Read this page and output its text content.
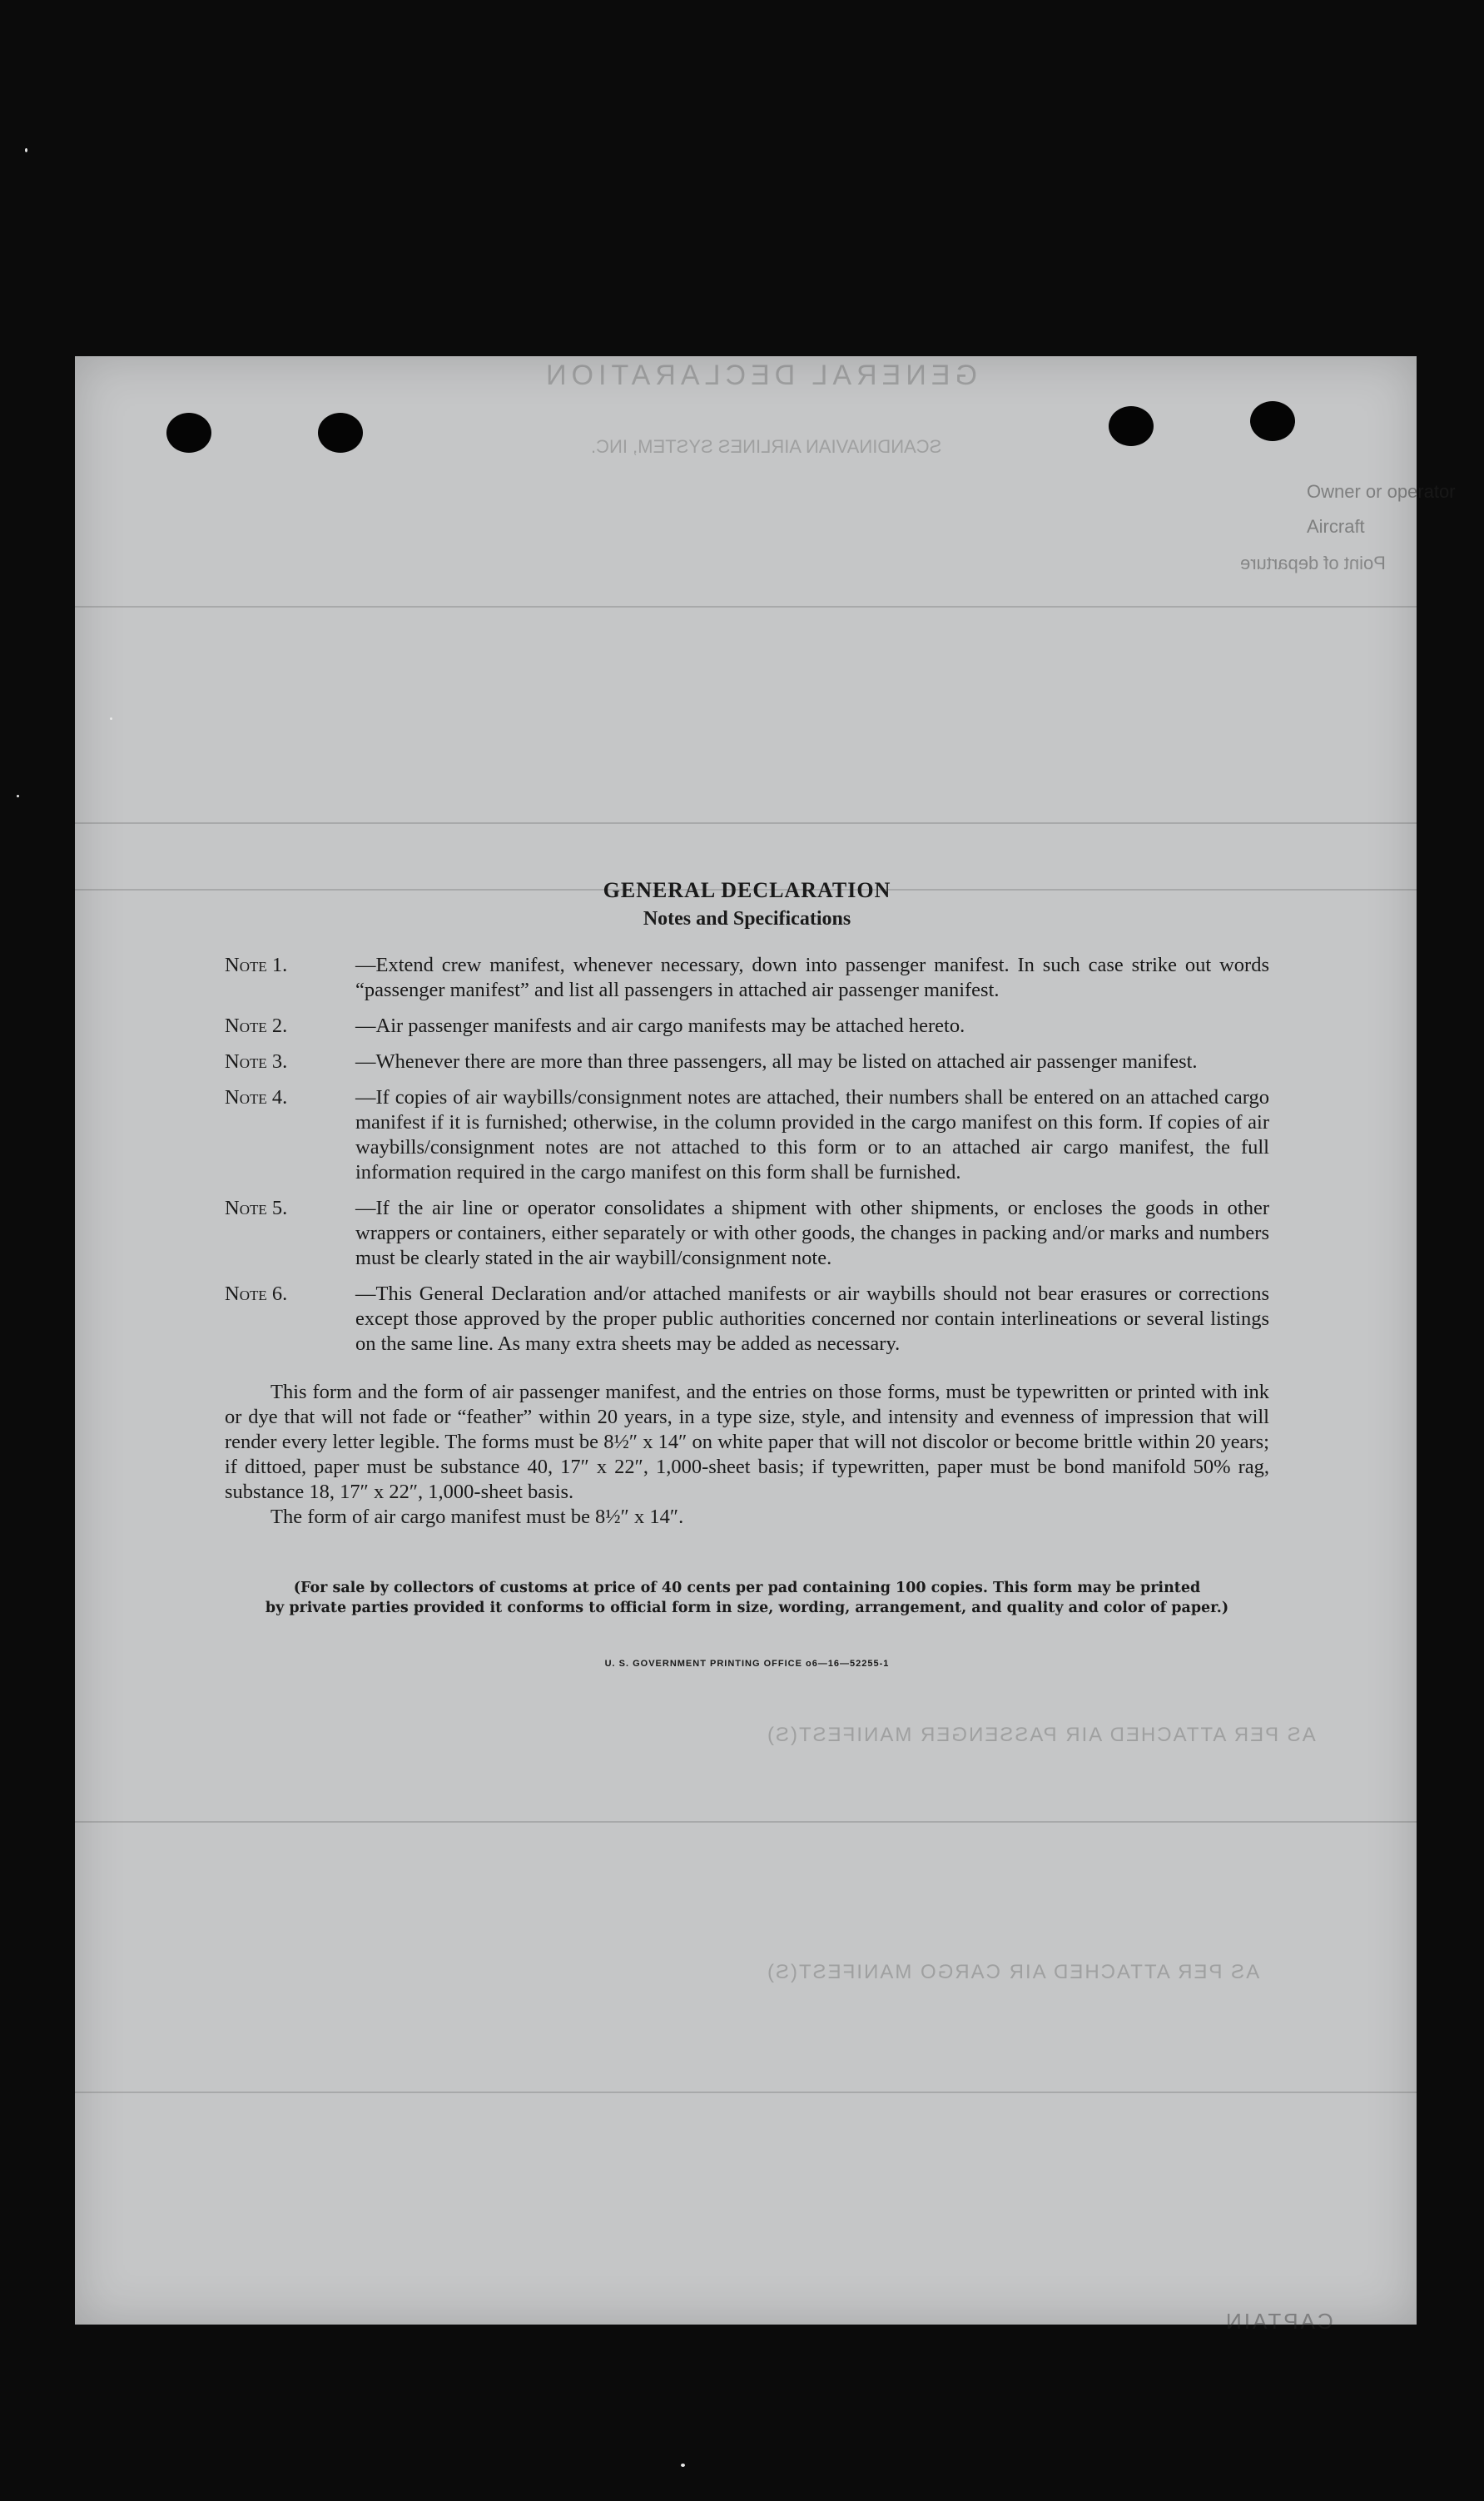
GENERAL DECLARATION
SCANDINAVIAN AIRLINES SYSTEM, INC.
Owner or operator
Aircraft
Point of departure
AS PER ATTACHED AIR PASSENGER MANIFEST(S)
AS PER ATTACHED AIR CARGO MANIFEST(S)
CAPTAIN
GENERAL DECLARATION
Notes and Specifications
Note 1.	—Extend crew manifest, whenever necessary, down into passenger manifest. In such case strike out words “passenger manifest” and list all passengers in attached air passenger manifest.
Note 2.	—Air passenger manifests and air cargo manifests may be attached hereto.
Note 3.	—Whenever there are more than three passengers, all may be listed on attached air passenger manifest.
Note 4.	—If copies of air waybills/consignment notes are attached, their numbers shall be entered on an attached cargo manifest if it is furnished; otherwise, in the column provided in the cargo manifest on this form. If copies of air waybills/consignment notes are not attached to this form or to an attached air cargo manifest, the full information required in the cargo manifest on this form shall be furnished.
Note 5.	—If the air line or operator consolidates a shipment with other shipments, or encloses the goods in other wrappers or containers, either separately or with other goods, the changes in packing and/or marks and numbers must be clearly stated in the air waybill/consignment note.
Note 6.	—This General Declaration and/or attached manifests or air waybills should not bear erasures or corrections except those approved by the proper public authorities concerned nor contain interlineations or several listings on the same line. As many extra sheets may be added as necessary.
This form and the form of air passenger manifest, and the entries on those forms, must be typewritten or printed with ink or dye that will not fade or “feather” within 20 years, in a type size, style, and intensity and evenness of impression that will render every letter legible. The forms must be 8½″ x 14″ on white paper that will not discolor or become brittle within 20 years; if dittoed, paper must be substance 40, 17″ x 22″, 1,000-sheet basis; if typewritten, paper must be bond manifold 50% rag, substance 18, 17″ x 22″, 1,000-sheet basis.
The form of air cargo manifest must be 8½″ x 14″.
(For sale by collectors of customs at price of 40 cents per pad containing 100 copies. This form may be printed
by private parties provided it conforms to official form in size, wording, arrangement, and quality and color of paper.)
U. S. GOVERNMENT PRINTING OFFICE o6—16—52255-1
